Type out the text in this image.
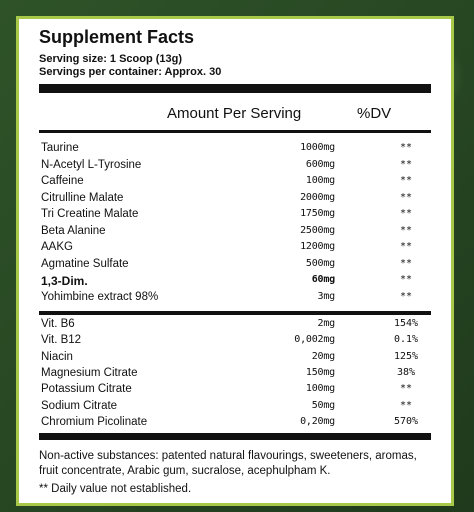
Supplement Facts
Serving size: 1 Scoop (13g)
Servings per container: Approx. 30
Amount Per Serving	%DV
Taurine	1000mg	**
N-Acetyl L-Tyrosine	600mg	**
Caffeine	100mg	**
Citrulline Malate	2000mg	**
Tri Creatine Malate	1750mg	**
Beta Alanine	2500mg	**
AAKG	1200mg	**
Agmatine Sulfate	500mg	**
1,3-Dim.	60mg	**
Yohimbine extract 98%	3mg	**
Vit. B6	2mg	154%
Vit. B12	0,002mg	0.1%
Niacin	20mg	125%
Magnesium Citrate	150mg	38%
Potassium Citrate	100mg	**
Sodium Citrate	50mg	**
Chromium Picolinate	0,20mg	570%
Non-active substances: patented natural flavourings, sweeteners, aromas, fruit concentrate, Arabic gum, sucralose, acephulpham K.
** Daily value not established.
